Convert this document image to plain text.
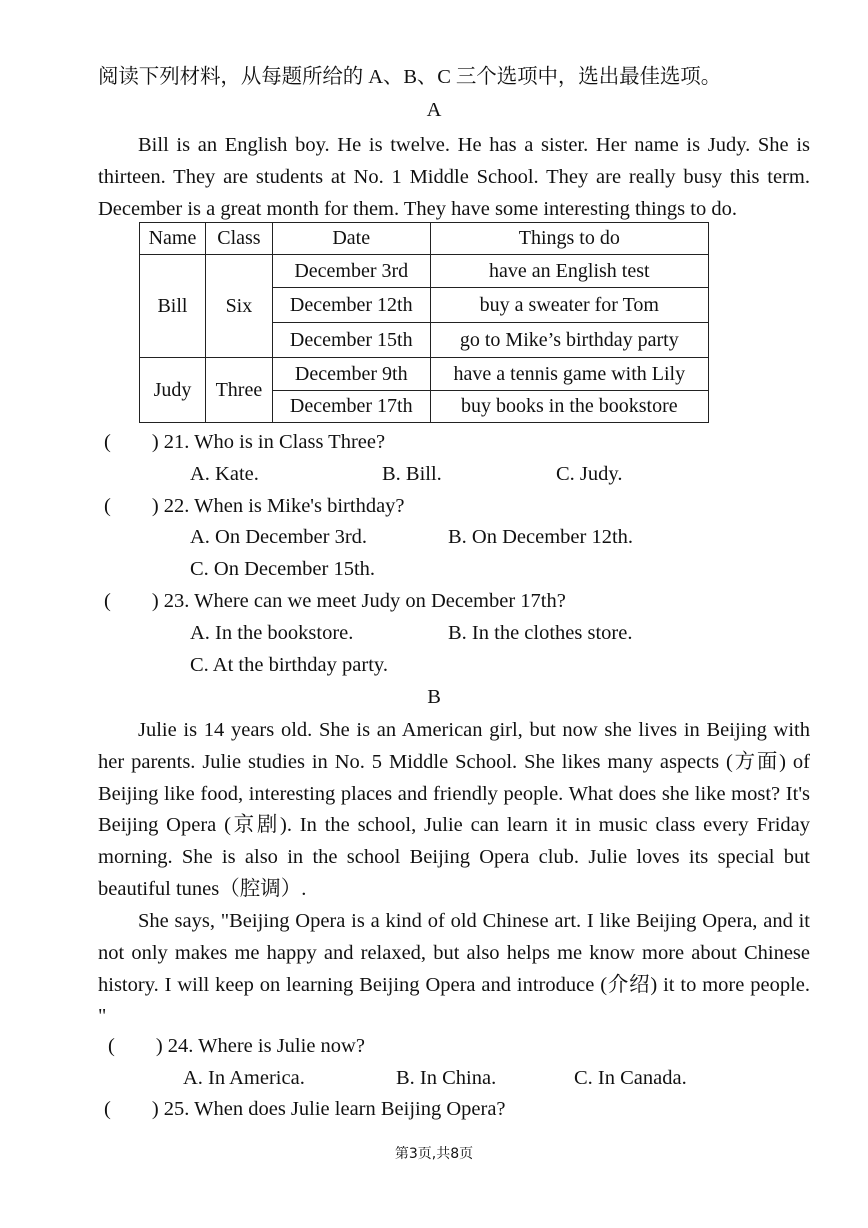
阅读下列材料，从每题所给的 A、B、C 三个选项中，选出最佳选项。
A
Bill is an English boy. He is twelve. He has a sister. Her name is Judy. She is thirteen. They are students at No. 1 Middle School. They are really busy this term. December is a great month for them. They have some interesting things to do.
Name	Class	Date	Things to do
Bill	Six	December 3rd	have an English test
		December 12th	buy a sweater for Tom
		December 15th	go to Mike’s birthday party
Judy	Three	December 9th	have a tennis game with Lily
		December 17th	buy books in the bookstore
(　　) 21. Who is in Class Three?
A. Kate.	B. Bill.	C. Judy.
(　　) 22. When is Mike's birthday?
A. On December 3rd.	B. On December 12th.
C. On December 15th.
(　　) 23. Where can we meet Judy on December 17th?
A. In the bookstore.	B. In the clothes store.
C. At the birthday party.
B
Julie is 14 years old. She is an American girl, but now she lives in Beijing with her parents. Julie studies in No. 5 Middle School. She likes many aspects (方面) of Beijing like food, interesting places and friendly people. What does she like most? It's Beijing Opera (京剧). In the school, Julie can learn it in music class every Friday morning. She is also in the school Beijing Opera club. Julie loves its special but beautiful tunes（腔调）.
She says, "Beijing Opera is a kind of old Chinese art. I like Beijing Opera, and it not only makes me happy and relaxed, but also helps me know more about Chinese history. I will keep on learning Beijing Opera and introduce (介绍) it to more people. "
(　　) 24. Where is Julie now?
A. In America.	B. In China.	C. In Canada.
(　　) 25. When does Julie learn Beijing Opera?
第3页,共8页
